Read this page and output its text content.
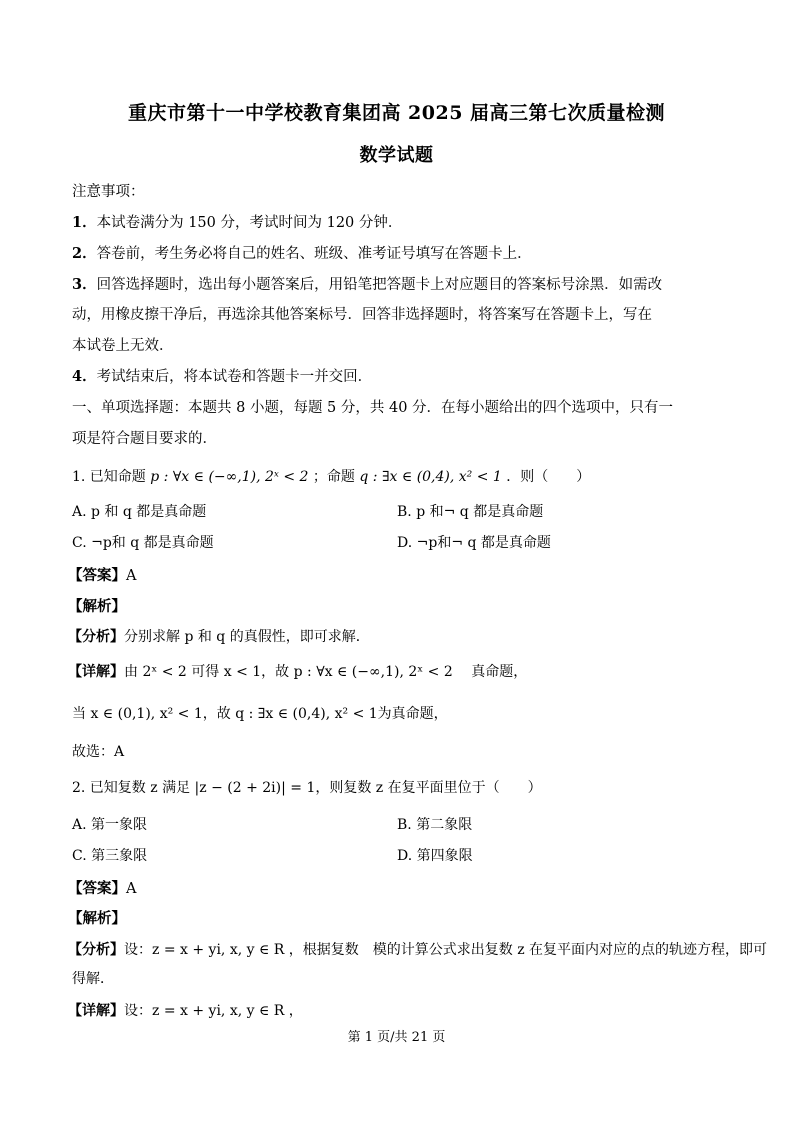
重庆市第十一中学校教育集团高 2025 届高三第七次质量检测
数学试题
注意事项：
1．本试卷满分为 150 分，考试时间为 120 分钟．
2．答卷前，考生务必将自己的姓名、班级、准考证号填写在答题卡上．
3．回答选择题时，选出每小题答案后，用铅笔把答题卡上对应题目的答案标号涂黑．如需改
动，用橡皮擦干净后，再选涂其他答案标号．回答非选择题时，将答案写在答题卡上，写在
本试卷上无效．
4．考试结束后，将本试卷和答题卡一并交回．
一、单项选择题：本题共 8 小题，每题 5 分，共 40 分．在每小题给出的四个选项中，只有一
项是符合题目要求的．
1. 已知命题 p : ∀x ∈ (−∞,1), 2ˣ < 2 ；命题 q : ∃x ∈ (0,4), x² < 1 ．则（　　）
A. p 和 q 都是真命题	B. p 和¬ q 都是真命题
C. ¬p和 q 都是真命题	D. ¬p和¬ q 都是真命题
【答案】A
【解析】
【分析】分别求解 p 和 q 的真假性，即可求解．
【详解】由 2ˣ < 2 可得 x < 1，故 p : ∀x ∈ (−∞,1), 2ˣ < 2　 真命题，
当 x ∈ (0,1), x² < 1，故 q : ∃x ∈ (0,4), x² < 1为真命题，
故选：A
2. 已知复数 z 满足 |z − (2 + 2i)| = 1，则复数 z 在复平面里位于（　　）
A. 第一象限	B. 第二象限
C. 第三象限	D. 第四象限
【答案】A
【解析】
【分析】设：z = x + yi, x, y ∈ R ，根据复数　模的计算公式求出复数 z 在复平面内对应的点的轨迹方程，即可
得解．
【详解】设：z = x + yi, x, y ∈ R ，
第 1 页/共 21 页
